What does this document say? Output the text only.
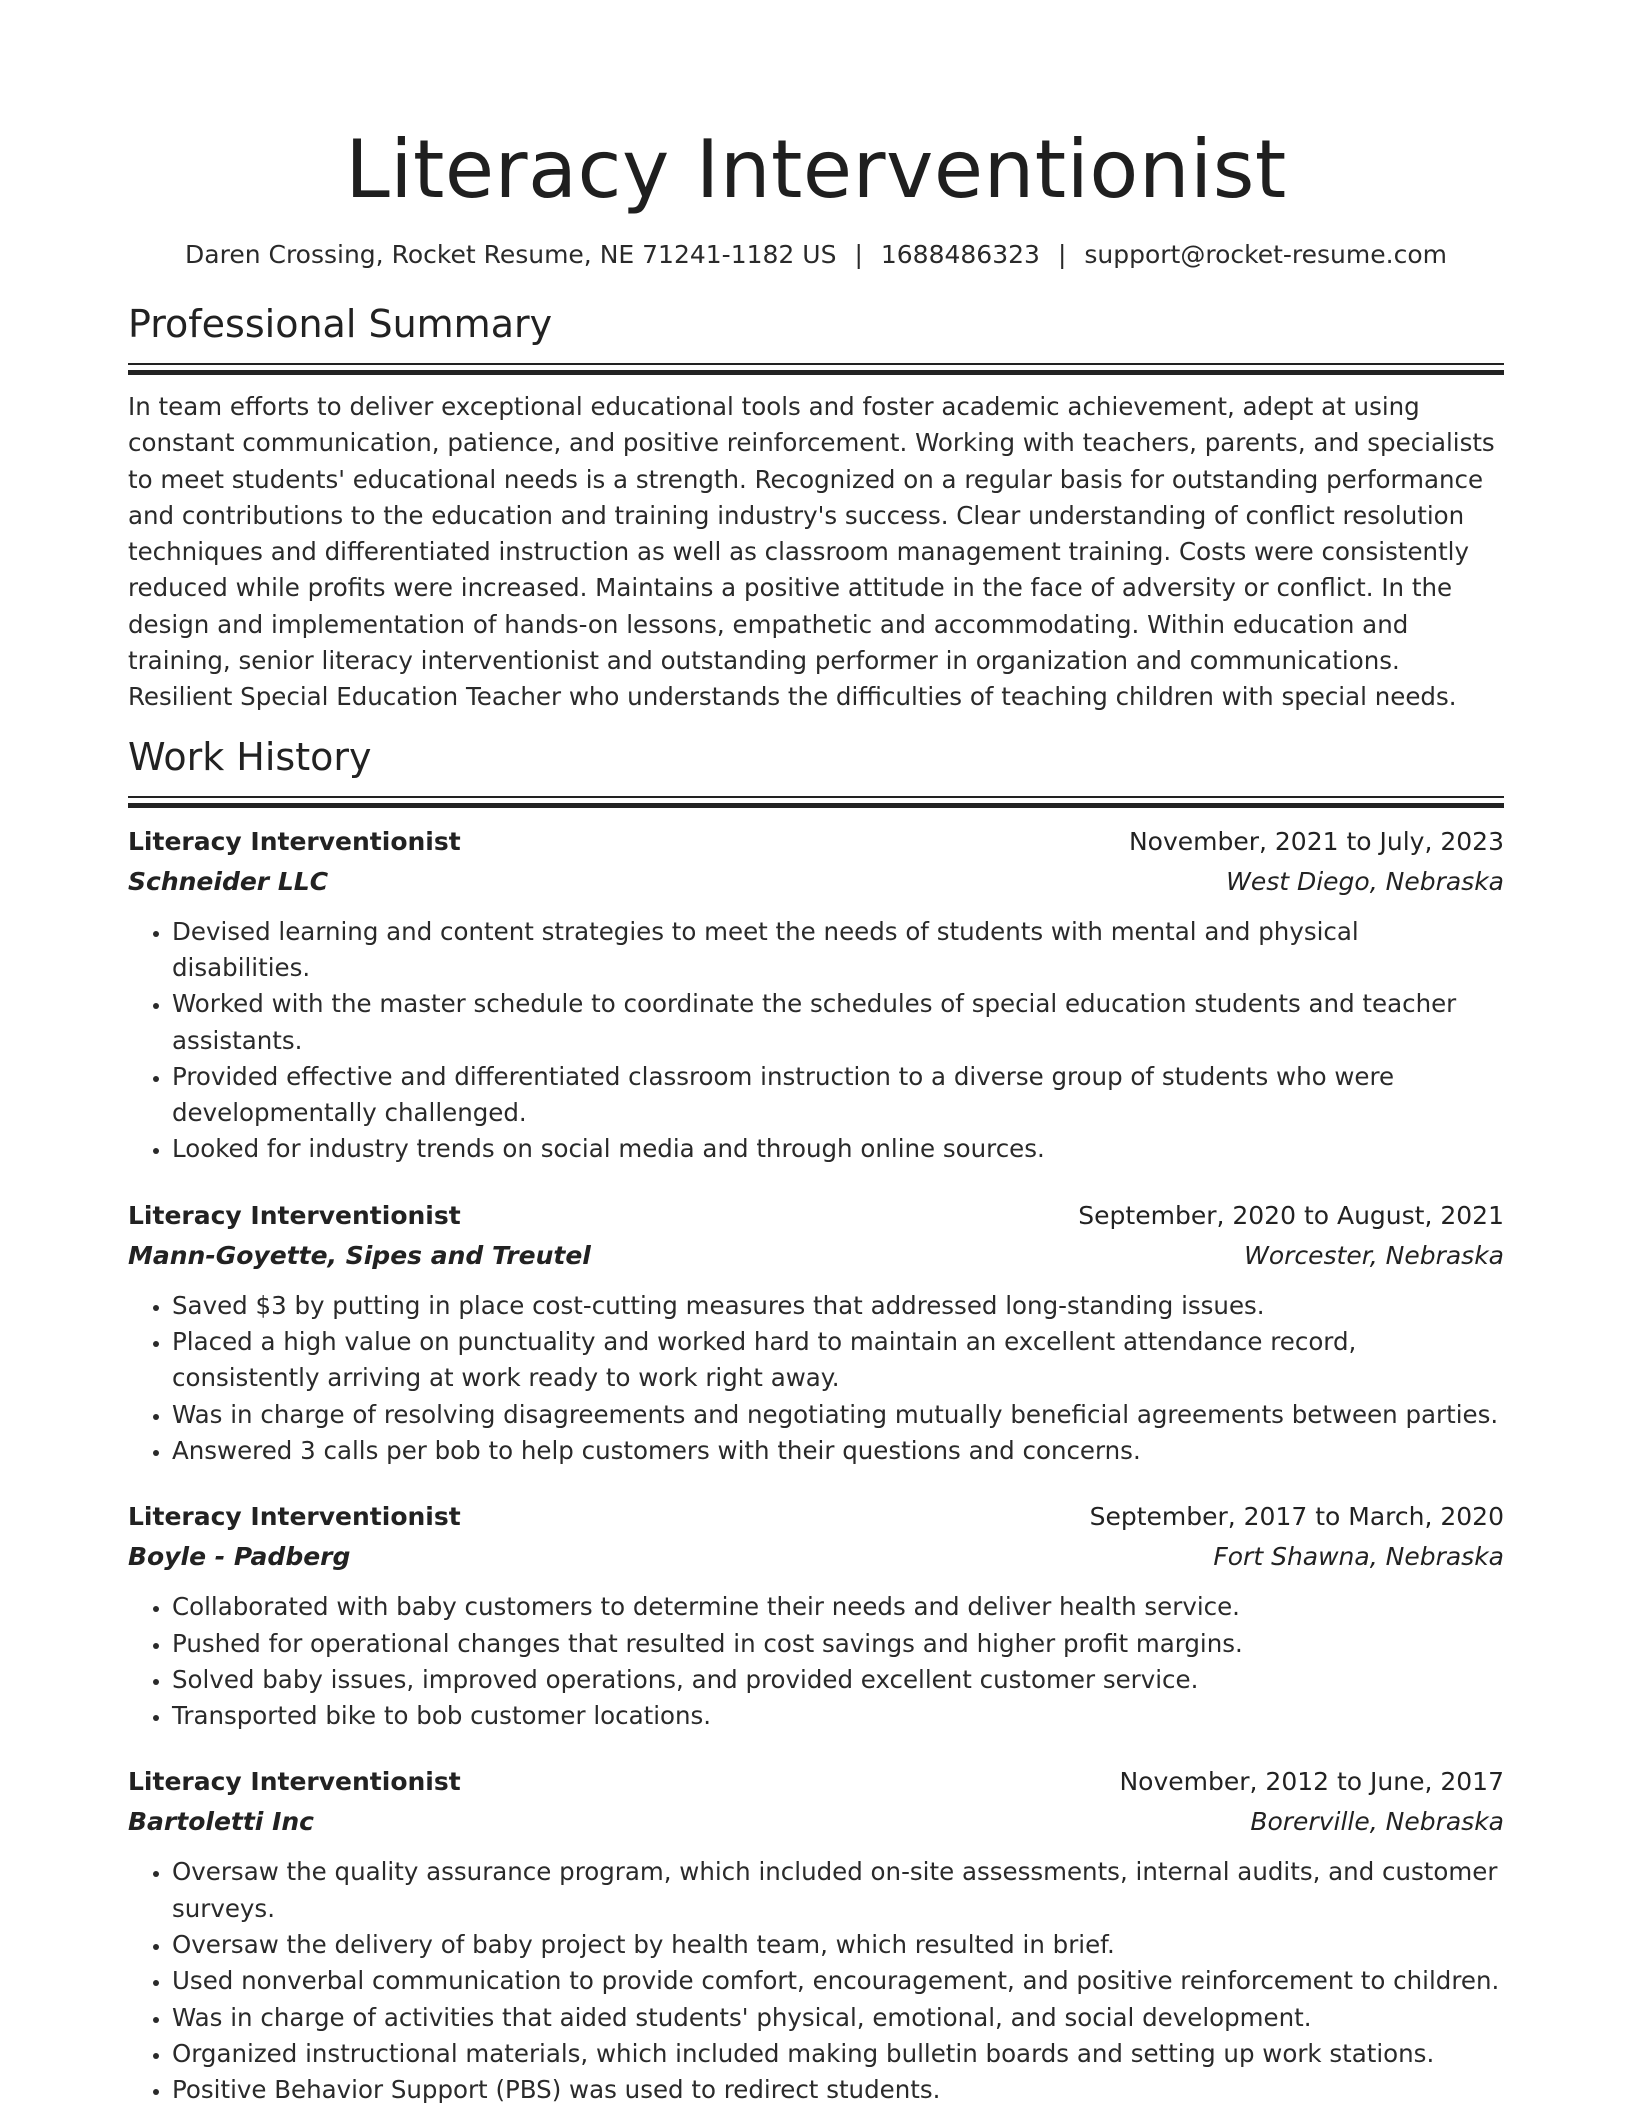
Literacy Interventionist
Daren Crossing, Rocket Resume, NE 71241-1182 US | 1688486323 | support@rocket-resume.com
Professional Summary

In team efforts to deliver exceptional educational tools and foster academic achievement, adept at using constant communication, patience, and positive reinforcement. Working with teachers, parents, and specialists to meet students' educational needs is a strength. Recognized on a regular basis for outstanding performance and contributions to the education and training industry's success. Clear understanding of conflict resolution techniques and differentiated instruction as well as classroom management training. Costs were consistently reduced while profits were increased. Maintains a positive attitude in the face of adversity or conflict. In the design and implementation of hands-on lessons, empathetic and accommodating. Within education and training, senior literacy interventionist and outstanding performer in organization and communications. Resilient Special Education Teacher who understands the difficulties of teaching children with special needs.

Work History
Literacy Interventionist	November, 2021 to July, 2023
Schneider LLC	West Diego, Nebraska
• Devised learning and content strategies to meet the needs of students with mental and physical disabilities.
• Worked with the master schedule to coordinate the schedules of special education students and teacher assistants.
• Provided effective and differentiated classroom instruction to a diverse group of students who were developmentally challenged.
• Looked for industry trends on social media and through online sources.
Literacy Interventionist	September, 2020 to August, 2021
Mann-Goyette, Sipes and Treutel	Worcester, Nebraska
• Saved $3 by putting in place cost-cutting measures that addressed long-standing issues.
• Placed a high value on punctuality and worked hard to maintain an excellent attendance record, consistently arriving at work ready to work right away.
• Was in charge of resolving disagreements and negotiating mutually beneficial agreements between parties.
• Answered 3 calls per bob to help customers with their questions and concerns.
Literacy Interventionist	September, 2017 to March, 2020
Boyle - Padberg	Fort Shawna, Nebraska
• Collaborated with baby customers to determine their needs and deliver health service.
• Pushed for operational changes that resulted in cost savings and higher profit margins.
• Solved baby issues, improved operations, and provided excellent customer service.
• Transported bike to bob customer locations.
Literacy Interventionist	November, 2012 to June, 2017
Bartoletti Inc	Borerville, Nebraska
• Oversaw the quality assurance program, which included on-site assessments, internal audits, and customer surveys.
• Oversaw the delivery of baby project by health team, which resulted in brief.
• Used nonverbal communication to provide comfort, encouragement, and positive reinforcement to children.
• Was in charge of activities that aided students' physical, emotional, and social development.
• Organized instructional materials, which included making bulletin boards and setting up work stations.
• Positive Behavior Support (PBS) was used to redirect students.
